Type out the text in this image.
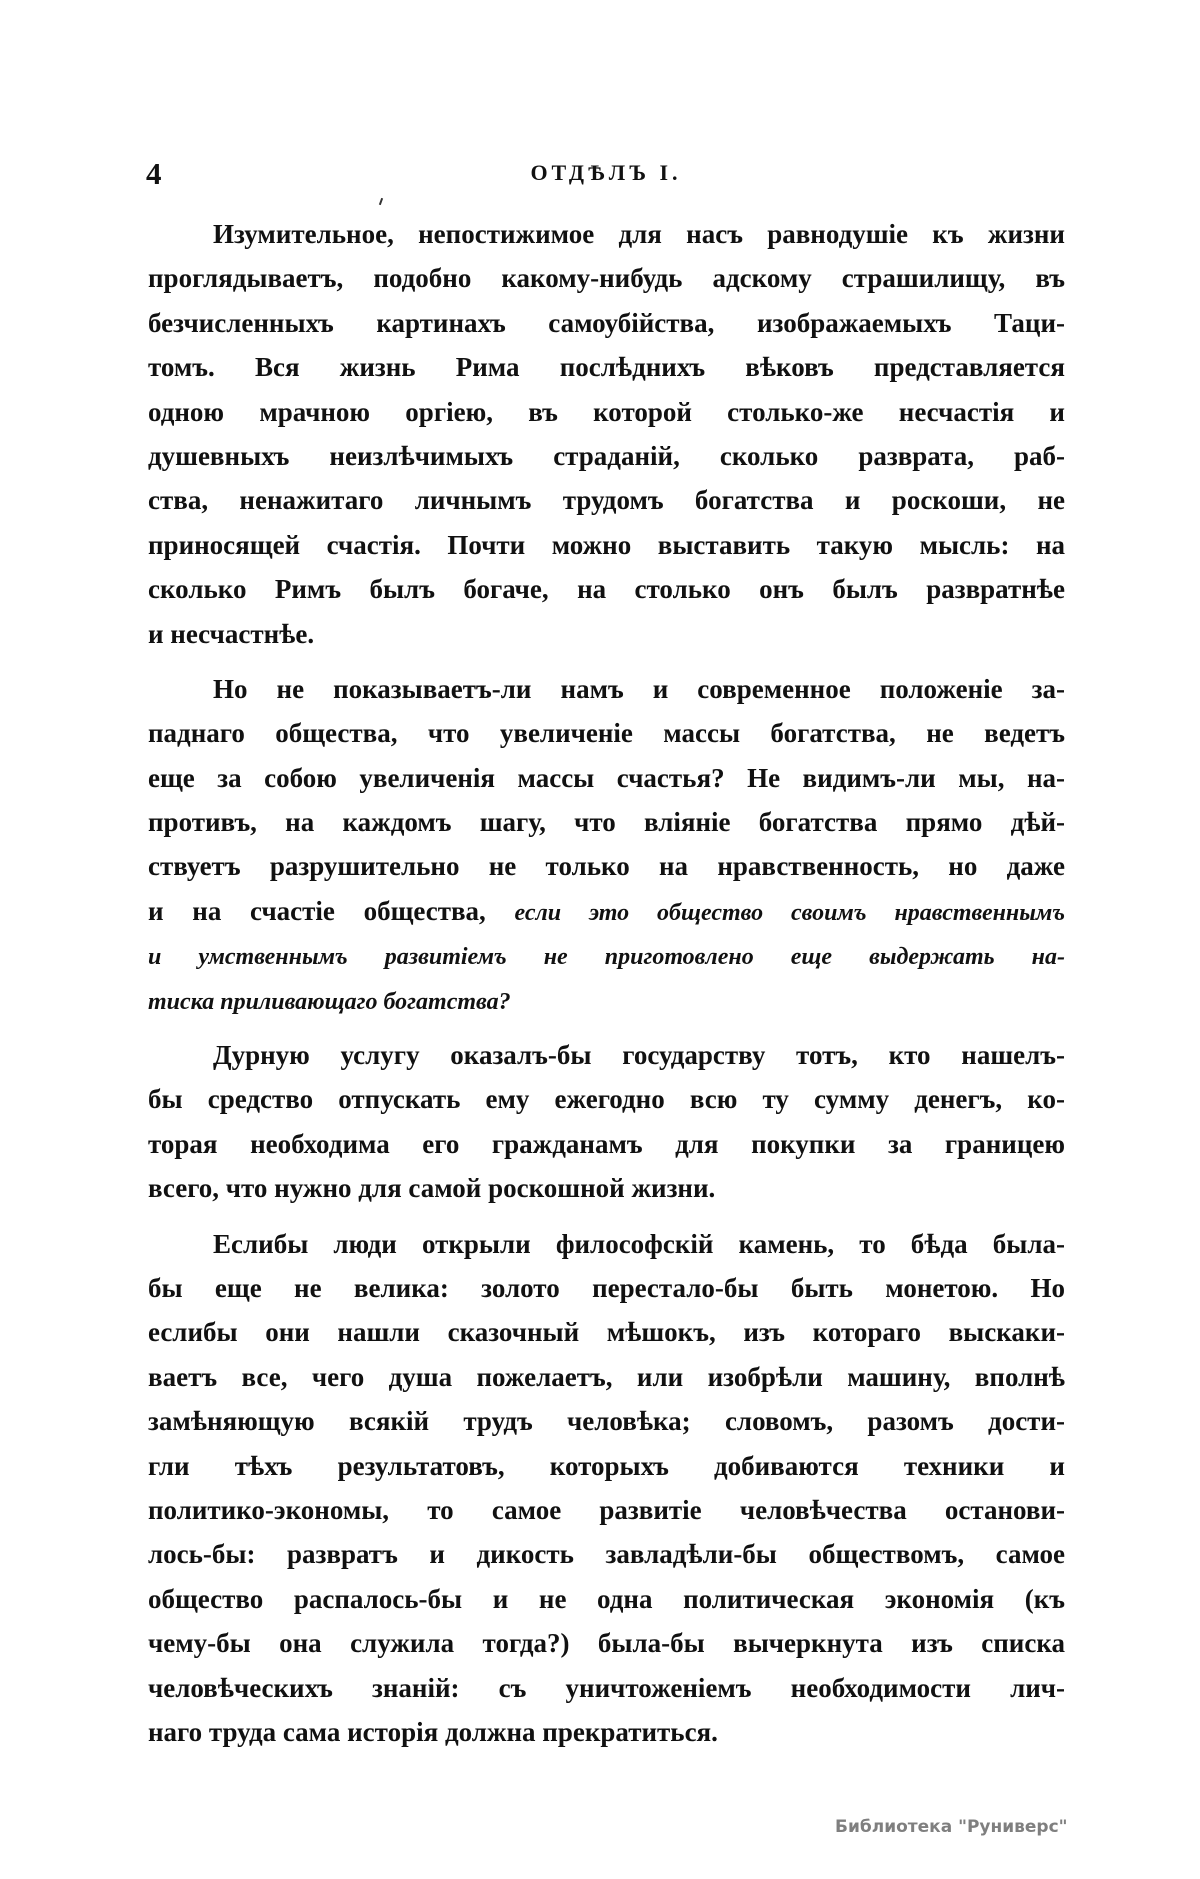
4	ОТДѢЛЪ I.
Изумительное, непостижимое для насъ равнодушіе къ жизни
проглядываетъ, подобно какому-нибудь адскому страшилищу, въ
безчисленныхъ картинахъ самоубійства, изображаемыхъ Таци-
томъ. Вся жизнь Рима послѣднихъ вѣковъ представляется
одною мрачною оргіею, въ которой столько-же несчастія и
душевныхъ неизлѣчимыхъ страданій, сколько разврата, раб-
ства, ненажитаго личнымъ трудомъ богатства и роскоши, не
приносящей счастія. Почти можно выставить такую мысль: на
сколько Римъ былъ богаче, на столько онъ былъ развратнѣе
и несчастнѣе.
Но не показываетъ-ли намъ и современное положеніе за-
паднаго общества, что увеличеніе массы богатства, не ведетъ
еще за собою увеличенія массы счастья? Не видимъ-ли мы, на-
противъ, на каждомъ шагу, что вліяніе богатства прямо дѣй-
ствуетъ разрушительно не только на нравственность, но даже
и на счастіе общества, если это общество своимъ нравственнымъ
и умственнымъ развитіемъ не приготовлено еще выдержать на-
тиска приливающаго богатства?
Дурную услугу оказалъ-бы государству тотъ, кто нашелъ-
бы средство отпускать ему ежегодно всю ту сумму денегъ, ко-
торая необходима его гражданамъ для покупки за границею
всего, что нужно для самой роскошной жизни.
Еслибы люди открыли философскій камень, то бѣда была-
бы еще не велика: золото перестало-бы быть монетою. Но
еслибы они нашли сказочный мѣшокъ, изъ котораго выскаки-
ваетъ все, чего душа пожелаетъ, или изобрѣли машину, вполнѣ
замѣняющую всякій трудъ человѣка; словомъ, разомъ дости-
гли тѣхъ результатовъ, которыхъ добиваются техники и
политико-экономы, то самое развитіе человѣчества останови-
лось-бы: развратъ и дикость завладѣли-бы обществомъ, самое
общество распалось-бы и не одна политическая экономія (къ
чему-бы она служила тогда?) была-бы вычеркнута изъ списка
человѣческихъ знаній: съ уничтоженіемъ необходимости лич-
наго труда сама исторія должна прекратиться.
Библиотека "Руниверс"
